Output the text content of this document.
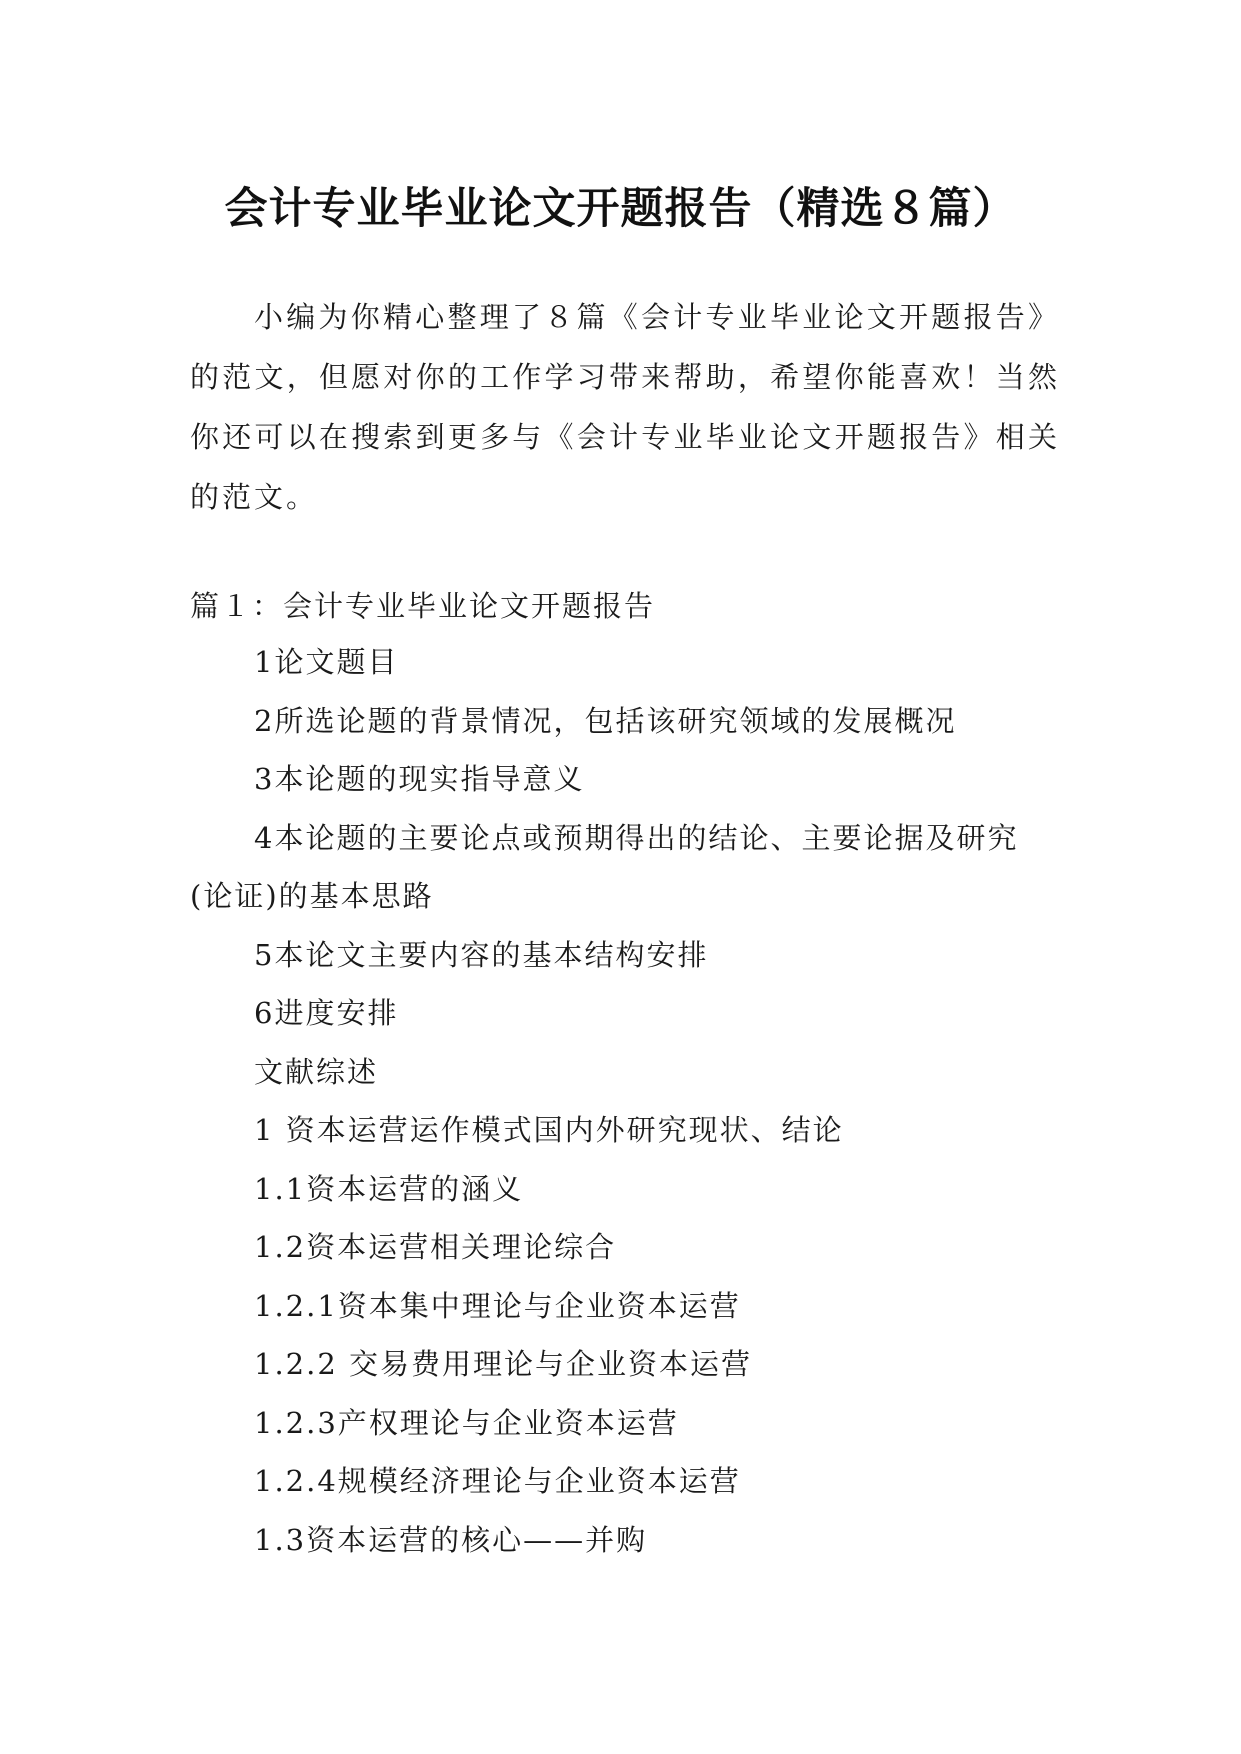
会计专业毕业论文开题报告（精选８篇）

小编为你精心整理了８篇《会计专业毕业论文开题报告》的范文，但愿对你的工作学习带来帮助，希望你能喜欢！当然你还可以在搜索到更多与《会计专业毕业论文开题报告》相关的范文。

篇１：会计专业毕业论文开题报告

1论文题目
2所选论题的背景情况，包括该研究领域的发展概况
3本论题的现实指导意义
4本论题的主要论点或预期得出的结论、主要论据及研究(论证)的基本思路
5本论文主要内容的基本结构安排
6进度安排
文献综述
1 资本运营运作模式国内外研究现状、结论
1.1资本运营的涵义
1.2资本运营相关理论综合
1.2.1资本集中理论与企业资本运营
1.2.2 交易费用理论与企业资本运营
1.2.3产权理论与企业资本运营
1.2.4规模经济理论与企业资本运营
1.3资本运营的核心——并购
